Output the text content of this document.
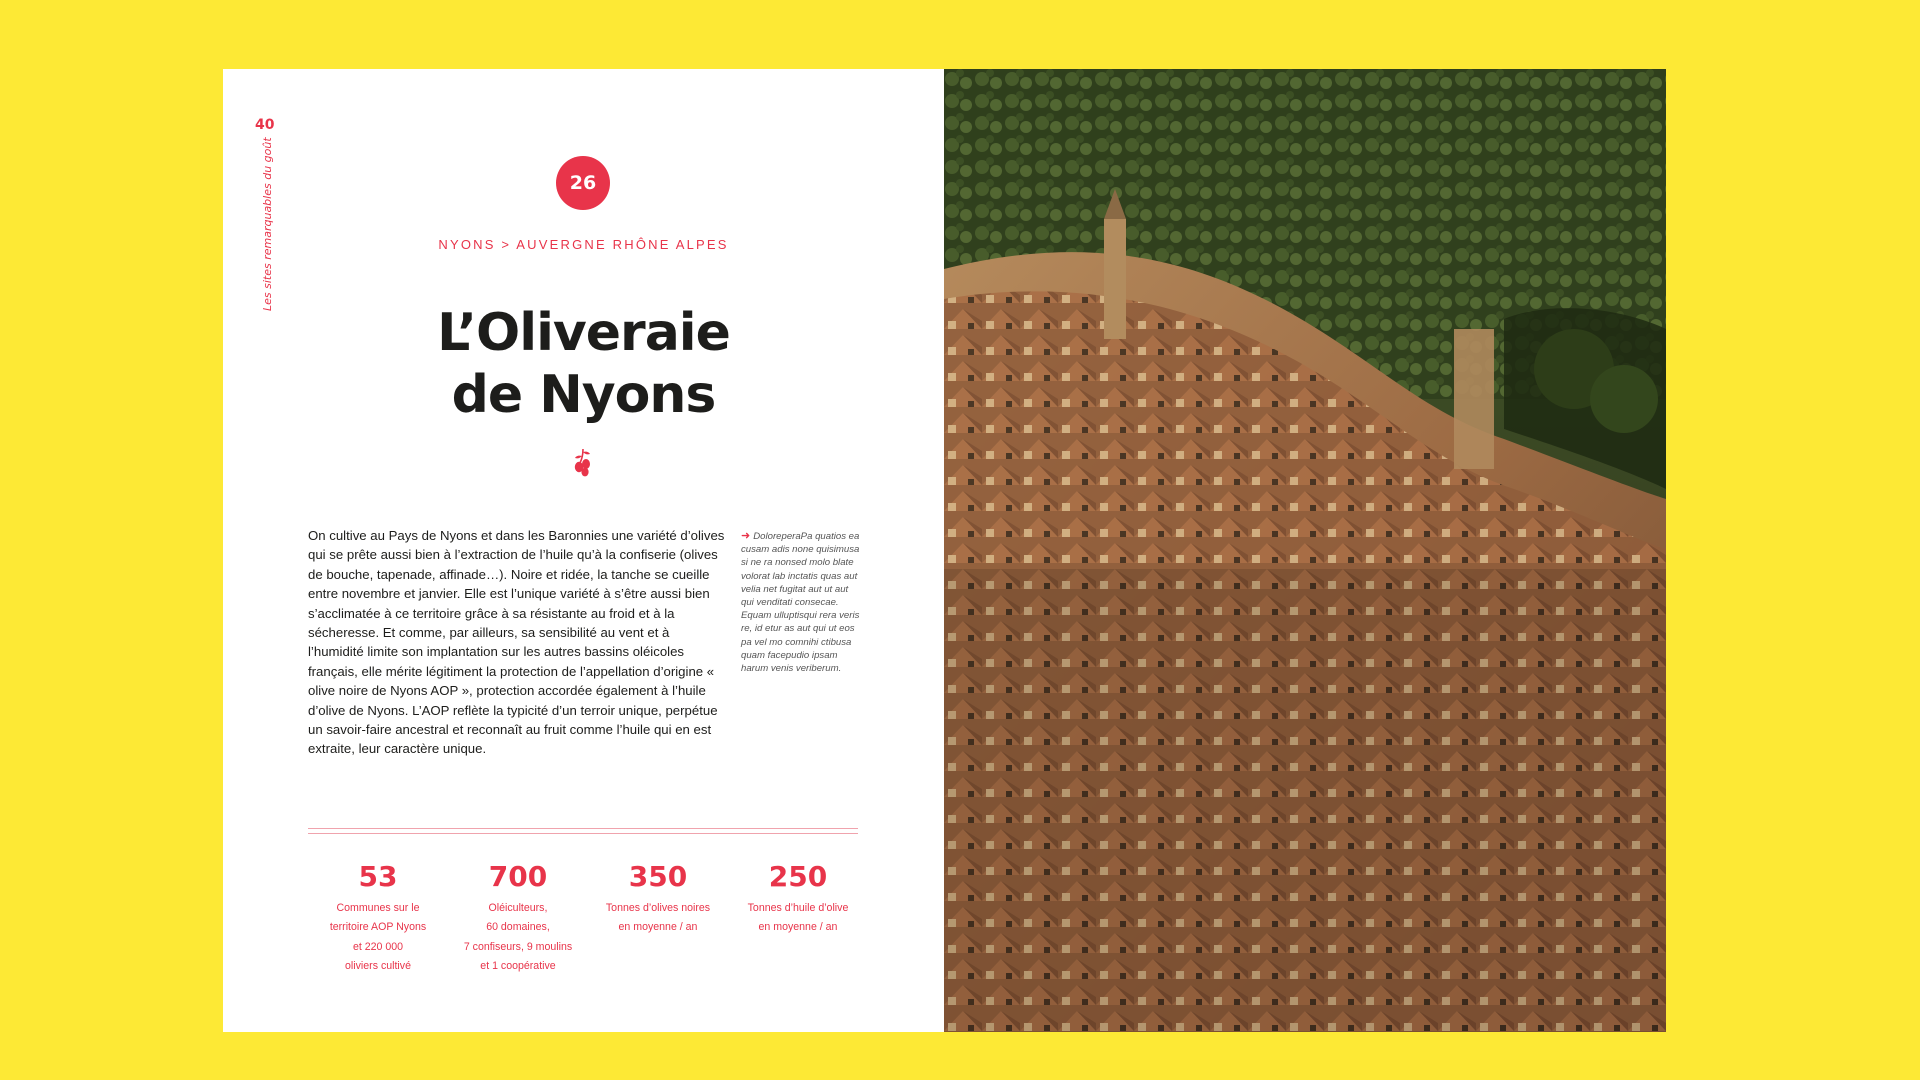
40
Les sites remarquables du goût	26
NYONS > AUVERGNE RHÔNE ALPES
L’Oliveraie
de Nyons
On cultive au Pays de Nyons et dans les Baronnies une variété d’olives qui se prête aussi bien à l’extraction de l’huile qu’à la confiserie (olives de bouche, tapenade, affinade…). Noire et ridée, la tanche se cueille entre novembre et janvier. Elle est l’unique variété à s’être aussi bien s’acclimatée à ce territoire grâce à sa résistante au froid et à la sécheresse. Et comme, par ailleurs, sa sensibilité au vent et à l’humidité limite son implantation sur les autres bassins oléicoles français, elle mérite légitiment la protection de l’appellation d’origine « olive noire de Nyons AOP », protection accordée également à l’huile d’olive de Nyons. L’AOP reflète la typicité d’un terroir unique, perpétue un savoir-faire ancestral et reconnaît au fruit comme l’huile qui en est extraite, leur caractère unique.
➜ DoloreperaPa quatios ea cusam adis none quisimusa si ne ra nonsed molo blate volorat lab inctatis quas aut velia net fugitat aut ut aut qui venditati consecae. Equam ulluptisqui rera veris re, id etur as aut qui ut eos pa vel mo comnihi ctibusa quam facepudio ipsam harum venis veriberum.
53
Communes sur le
territoire AOP Nyons
et 220 000
oliviers cultivé
700
Oléiculteurs,
60 domaines,
7 confiseurs, 9 moulins
et 1 coopérative
350
Tonnes d’olives noires
en moyenne / an
250
Tonnes d’huile d’olive
en moyenne / an
